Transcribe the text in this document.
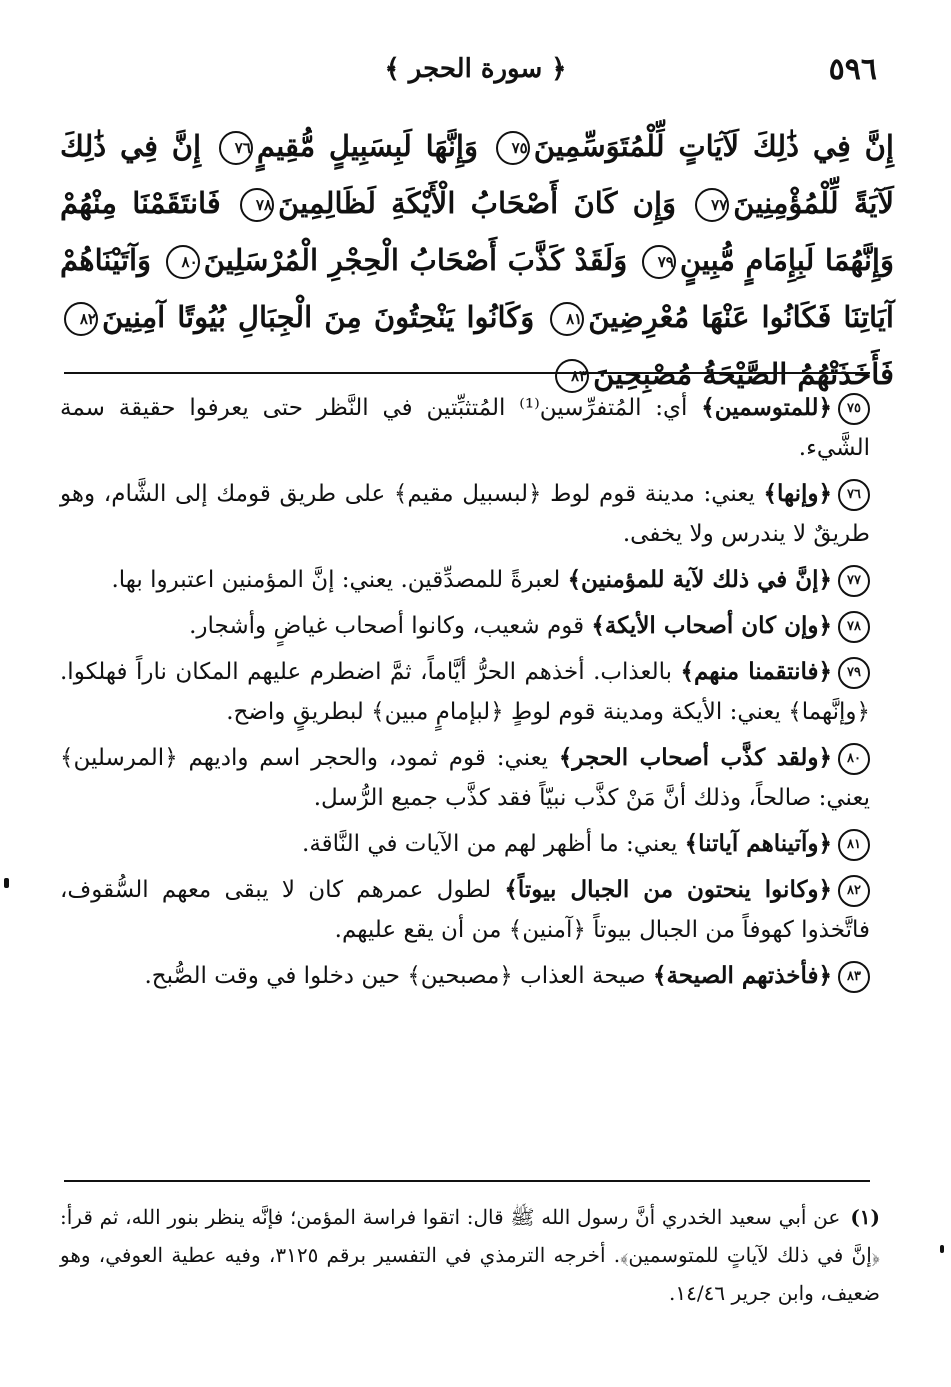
٥٩٦
﴿ سورة الحجر ﴾
إِنَّ فِي ذَٰلِكَ لَآيَاتٍ لِّلْمُتَوَسِّمِينَ٧٥ وَإِنَّهَا لَبِسَبِيلٍ مُّقِيمٍ٧٦ إِنَّ فِي ذَٰلِكَ لَآيَةً لِّلْمُؤْمِنِينَ٧٧ وَإِن كَانَ أَصْحَابُ الْأَيْكَةِ لَظَالِمِينَ٧٨ فَانتَقَمْنَا مِنْهُمْ وَإِنَّهُمَا لَبِإِمَامٍ مُّبِينٍ٧٩ وَلَقَدْ كَذَّبَ أَصْحَابُ الْحِجْرِ الْمُرْسَلِينَ٨٠ وَآتَيْنَاهُمْ آيَاتِنَا فَكَانُوا عَنْهَا مُعْرِضِينَ٨١ وَكَانُوا يَنْحِتُونَ مِنَ الْجِبَالِ بُيُوتًا آمِنِينَ٨٢ فَأَخَذَتْهُمُ الصَّيْحَةُ مُصْبِحِينَ٨٣

٧٥﴿للمتوسمين﴾ أي: المُتفرِّسين⁽¹⁾ المُتثبِّتين في النَّظر حتى يعرفوا حقيقة سمة الشَّيء.

٧٦﴿وإنها﴾ يعني: مدينة قوم لوط ﴿لبسبيل مقيم﴾ على طريق قومك إلى الشَّام، وهو طريقٌ لا يندرس ولا يخفى.

٧٧﴿إنَّ في ذلك لآية للمؤمنين﴾ لعبرةً للمصدِّقين. يعني: إنَّ المؤمنين اعتبروا بها.

٧٨﴿وإن كان أصحاب الأيكة﴾ قوم شعيب، وكانوا أصحاب غياضٍ وأشجار.

٧٩﴿فانتقمنا منهم﴾ بالعذاب. أخذهم الحرُّ أيَّاماً، ثمَّ اضطرم عليهم المكان ناراً فهلكوا. ﴿وإنَّهما﴾ يعني: الأيكة ومدينة قوم لوطٍ ﴿لبإمامٍ مبين﴾ لبطريقٍ واضح.

٨٠﴿ولقد كذَّب أصحاب الحجر﴾ يعني: قوم ثمود، والحجر اسم واديهم ﴿المرسلين﴾ يعني: صالحاً، وذلك أنَّ مَنْ كذَّب نبيّاً فقد كذَّب جميع الرُّسل.

٨١﴿وآتيناهم آياتنا﴾ يعني: ما أظهر لهم من الآيات في النَّاقة.

٨٢﴿وكانوا ينحتون من الجبال بيوتاً﴾ لطول عمرهم كان لا يبقى معهم السُّقوف، فاتَّخذوا كهوفاً من الجبال بيوتاً ﴿آمنين﴾ من أن يقع عليهم.

٨٣﴿فأخذتهم الصيحة﴾ صيحة العذاب ﴿مصبحين﴾ حين دخلوا في وقت الصُّبح.

(١)عن أبي سعيد الخدري أنَّ رسول الله ﷺ قال: اتقوا فراسة المؤمن؛ فإنَّه ينظر بنور الله، ثم قرأ: ﴿إنَّ في ذلك لآياتٍ للمتوسمين﴾. أخرجه الترمذي في التفسير برقم ٣١٢٥، وفيه عطية العوفي، وهو ضعيف، وابن جرير ١٤/٤٦.
